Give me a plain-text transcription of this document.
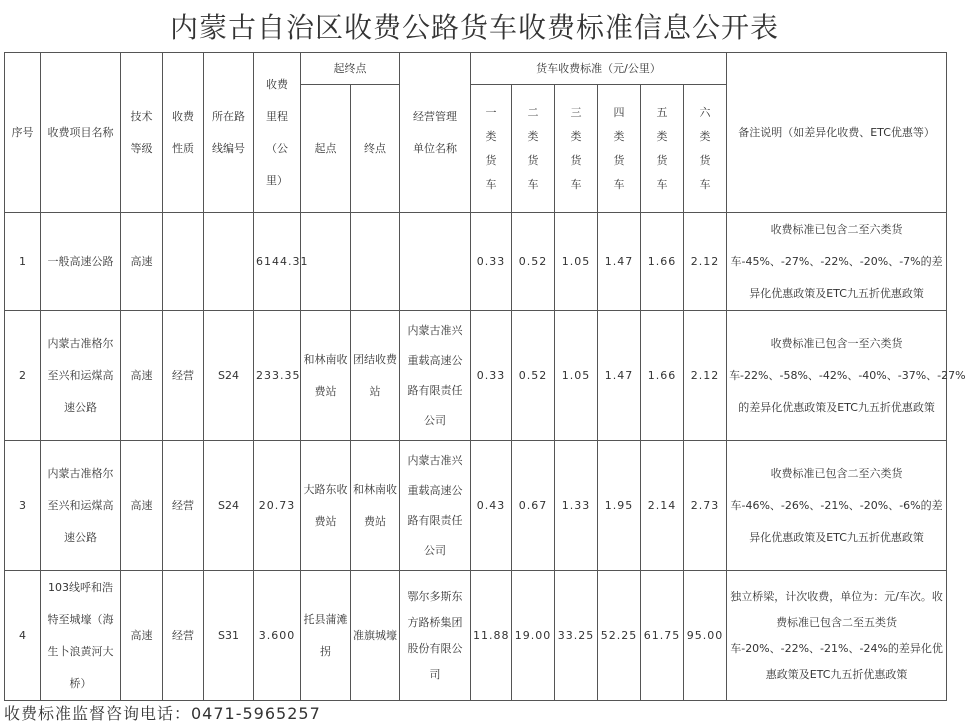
内蒙古自治区收费公路货车收费标准信息公开表
序号	收费项目名称	技术等级	收费性质	所在路线编号	收费里程（公里）	起终点		经营管理单位名称	货车收费标准（元/公里）						备注说明（如差异化收费、ETC优惠等）
						起点	终点		一类货车	二类货车	三类货车	四类货车	五类货车	六类货车	
1	一般高速公路	高速			6144.31				0.33	0.52	1.05	1.47	1.66	2.12	收费标准已包含二至六类货车-45%、-27%、-22%、-20%、-7%的差异化优惠政策及ETC九五折优惠政策
2	内蒙古准格尔至兴和运煤高速公路	高速	经营	S24	233.35	和林南收费站	团结收费站	内蒙古准兴重载高速公路有限责任公司	0.33	0.52	1.05	1.47	1.66	2.12	收费标准已包含一至六类货车-22%、-58%、-42%、-40%、-37%、-27%的差异化优惠政策及ETC九五折优惠政策
3	内蒙古准格尔至兴和运煤高速公路	高速	经营	S24	20.73	大路东收费站	和林南收费站	内蒙古准兴重载高速公路有限责任公司	0.43	0.67	1.33	1.95	2.14	2.73	收费标准已包含二至六类货车-46%、-26%、-21%、-20%、-6%的差异化优惠政策及ETC九五折优惠政策
4	103线呼和浩特至城壕（海生卜浪黄河大桥）	高速	经营	S31	3.600	托县蒲滩拐	准旗城壕	鄂尔多斯东方路桥集团股份有限公司	11.88	19.00	33.25	52.25	61.75	95.00	独立桥梁，计次收费，单位为：元/车次。收费标准已包含二至五类货车-20%、-22%、-21%、-24%的差异化优惠政策及ETC九五折优惠政策
收费标准监督咨询电话：0471-5965257
